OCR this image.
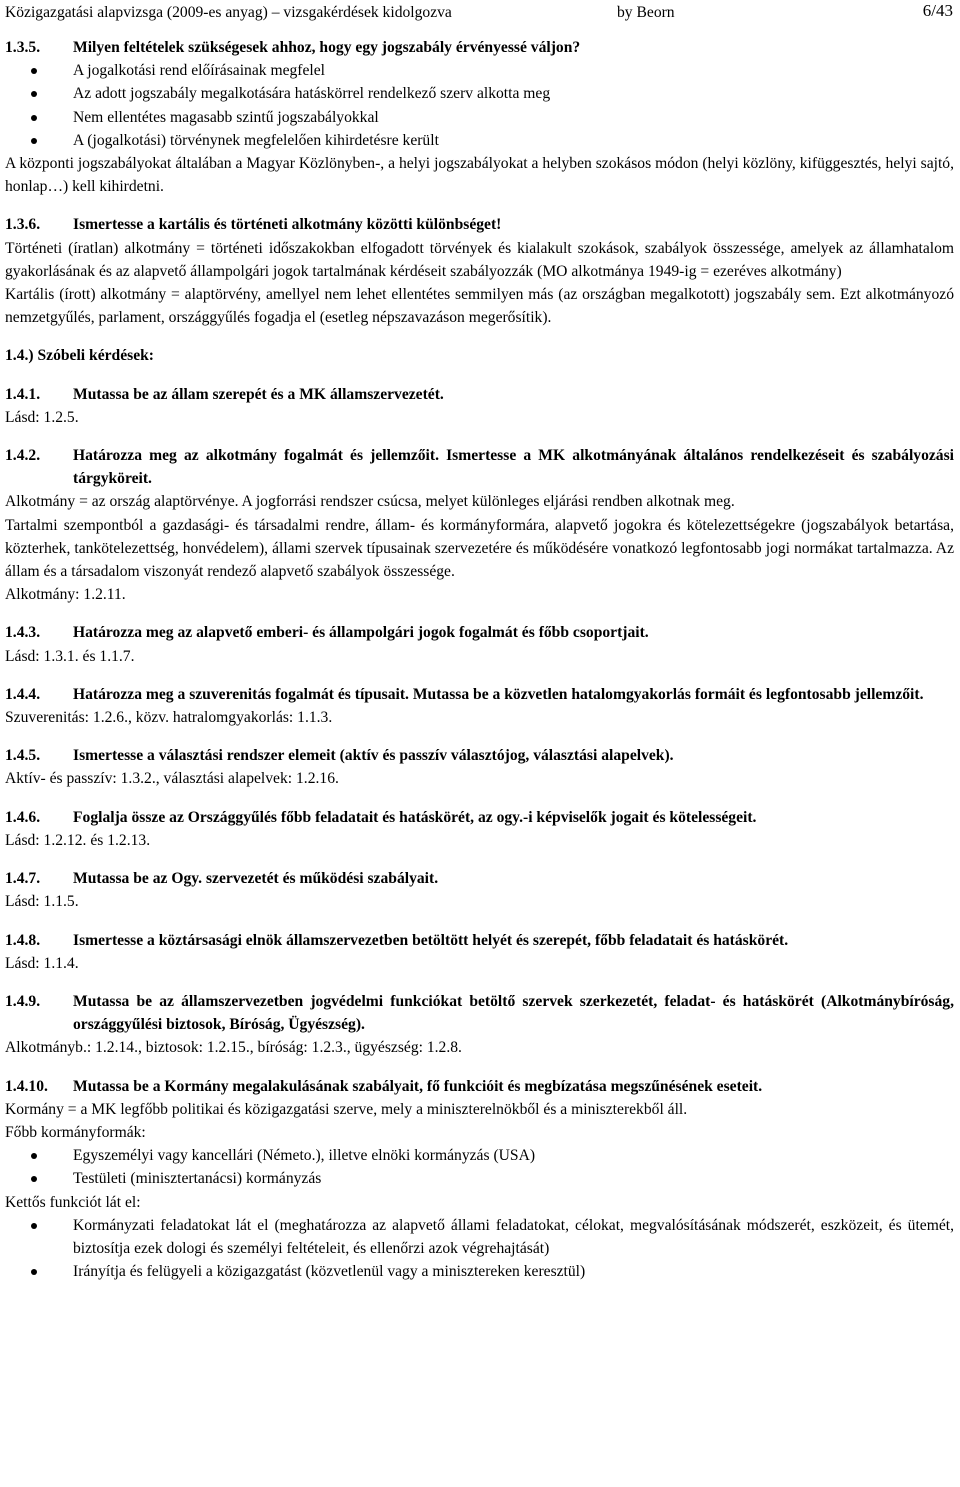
Közigazgatási alapvizsga (2009-es anyag) – vizsgakérdések kidolgozva	by Beorn	6/43
1.3.5.	Milyen feltételek szükségesek ahhoz, hogy egy jogszabály érvényessé váljon?
A jogalkotási rend előírásainak megfelel
Az adott jogszabály megalkotására hatáskörrel rendelkező szerv alkotta meg
Nem ellentétes magasabb szintű jogszabályokkal
A (jogalkotási) törvénynek megfelelően kihirdetésre került

A központi jogszabályokat általában a Magyar Közlönyben-, a helyi jogszabályokat a helyben szokásos módon (helyi közlöny, kifüggesztés, helyi sajtó, honlap…) kell kihirdetni.

1.3.6.	Ismertesse a kartális és történeti alkotmány közötti különbséget!

Történeti (íratlan) alkotmány = történeti időszakokban elfogadott törvények és kialakult szokások, szabályok összessége, amelyek az államhatalom gyakorlásának és az alapvető állampolgári jogok tartalmának kérdéseit szabályozzák (MO alkotmánya 1949-ig = ezeréves alkotmány)

Kartális (írott) alkotmány = alaptörvény, amellyel nem lehet ellentétes semmilyen más (az országban megalkotott) jogszabály sem. Ezt alkotmányozó nemzetgyűlés, parlament, országgyűlés fogadja el (esetleg népszavazáson megerősítik).

1.4.) Szóbeli kérdések:

1.4.1.	Mutassa be az állam szerepét és a MK államszervezetét.

Lásd: 1.2.5.

1.4.2.	Határozza meg az alkotmány fogalmát és jellemzőit. Ismertesse a MK alkotmányának általános rendelkezéseit és szabályozási tárgyköreit.

Alkotmány = az ország alaptörvénye. A jogforrási rendszer csúcsa, melyet különleges eljárási rendben alkotnak meg.

Tartalmi szempontból a gazdasági- és társadalmi rendre, állam- és kormányformára, alapvető jogokra és kötelezettségekre (jogszabályok betartása, közterhek, tankötelezettség, honvédelem), állami szervek típusainak szervezetére és működésére vonatkozó legfontosabb jogi normákat tartalmazza. Az állam és a társadalom viszonyát rendező alapvető szabályok összessége.

Alkotmány: 1.2.11.

1.4.3.	Határozza meg az alapvető emberi- és állampolgári jogok fogalmát és főbb csoportjait.

Lásd: 1.3.1. és 1.1.7.

1.4.4.	Határozza meg a szuverenitás fogalmát és típusait. Mutassa be a közvetlen hatalomgyakorlás formáit és legfontosabb jellemzőit.

Szuverenitás: 1.2.6., közv. hatralomgyakorlás: 1.1.3.

1.4.5.	Ismertesse a választási rendszer elemeit (aktív és passzív választójog, választási alapelvek).

Aktív- és passzív: 1.3.2., választási alapelvek: 1.2.16.

1.4.6.	Foglalja össze az Országgyűlés főbb feladatait és hatáskörét, az ogy.-i képviselők jogait és kötelességeit.

Lásd: 1.2.12. és 1.2.13.

1.4.7.	Mutassa be az Ogy. szervezetét és működési szabályait.

Lásd: 1.1.5.

1.4.8.	Ismertesse a köztársasági elnök államszervezetben betöltött helyét és szerepét, főbb feladatait és hatáskörét.

Lásd: 1.1.4.

1.4.9.	Mutassa be az államszervezetben jogvédelmi funkciókat betöltő szervek szerkezetét, feladat- és hatáskörét (Alkotmánybíróság, országgyűlési biztosok, Bíróság, Ügyészség).

Alkotmányb.: 1.2.14., biztosok: 1.2.15., bíróság: 1.2.3., ügyészség: 1.2.8.

1.4.10.	Mutassa be a Kormány megalakulásának szabályait, fő funkcióit és megbízatása megszűnésének eseteit.

Kormány = a MK legfőbb politikai és közigazgatási szerve, mely a miniszterelnökből és a miniszterekből áll.

Főbb kormányformák:

Egyszemélyi vagy kancellári (Németo.), illetve elnöki kormányzás (USA)
Testületi (minisztertanácsi) kormányzás

Kettős funkciót lát el:

Kormányzati feladatokat lát el (meghatározza az alapvető állami feladatokat, célokat, megvalósításának módszerét, eszközeit, és ütemét, biztosítja ezek dologi és személyi feltételeit, és ellenőrzi azok végrehajtását)
Irányítja és felügyeli a közigazgatást (közvetlenül vagy a minisztereken keresztül)
